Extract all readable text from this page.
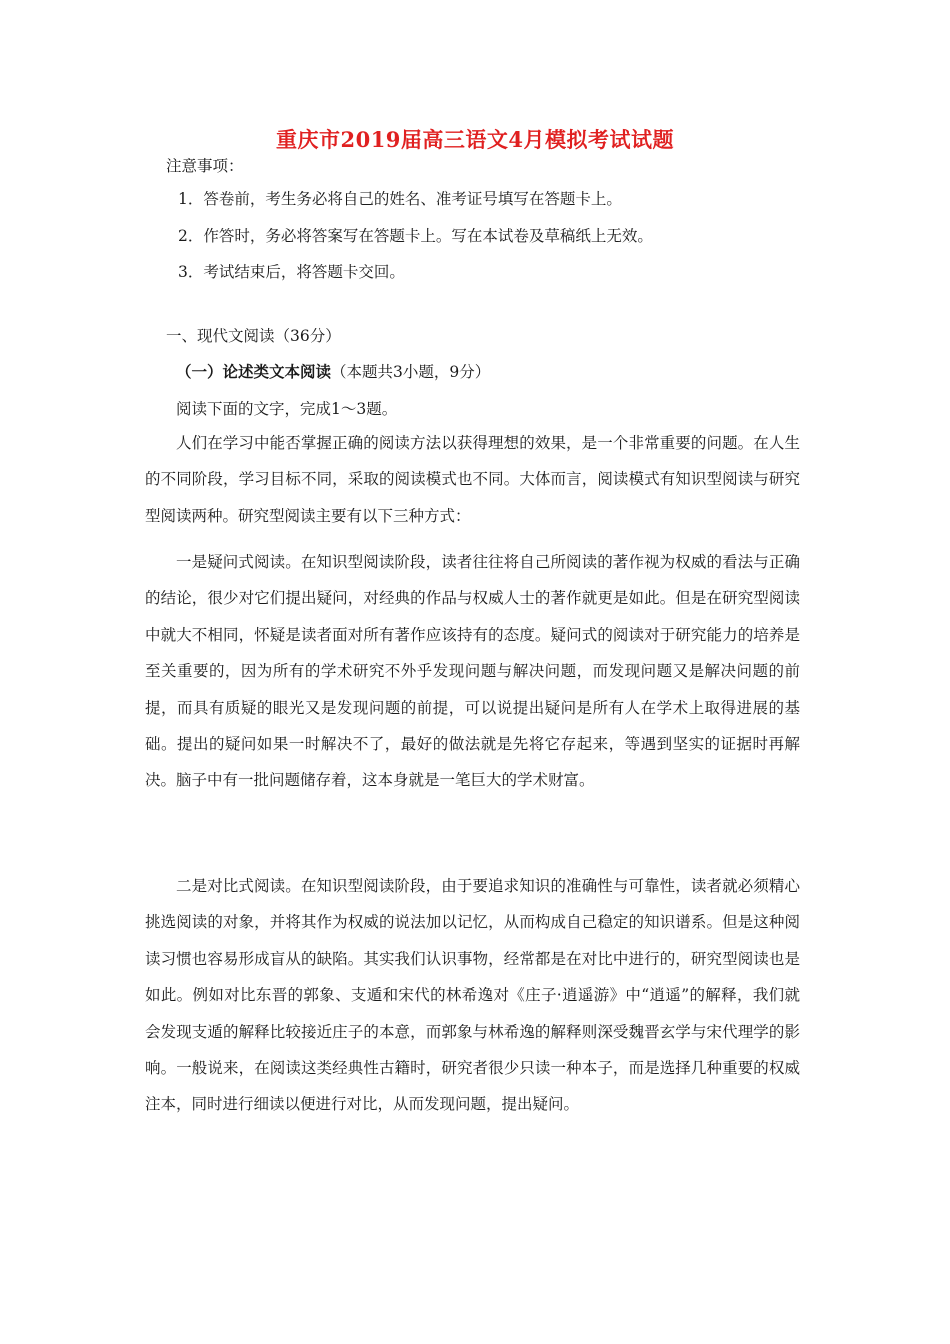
重庆市2019届高三语文4月模拟考试试题
注意事项：
1．答卷前，考生务必将自己的姓名、准考证号填写在答题卡上。
2．作答时，务必将答案写在答题卡上。写在本试卷及草稿纸上无效。
3．考试结束后，将答题卡交回。
一、现代文阅读（36分）
（一）论述类文本阅读（本题共3小题，9分）
阅读下面的文字，完成1～3题。

人们在学习中能否掌握正确的阅读方法以获得理想的效果，是一个非常重要的问题。在人生的不同阶段，学习目标不同，采取的阅读模式也不同。大体而言，阅读模式有知识型阅读与研究型阅读两种。研究型阅读主要有以下三种方式：

一是疑问式阅读。在知识型阅读阶段，读者往往将自己所阅读的著作视为权威的看法与正确的结论，很少对它们提出疑问，对经典的作品与权威人士的著作就更是如此。但是在研究型阅读中就大不相同，怀疑是读者面对所有著作应该持有的态度。疑问式的阅读对于研究能力的培养是至关重要的，因为所有的学术研究不外乎发现问题与解决问题，而发现问题又是解决问题的前提，而具有质疑的眼光又是发现问题的前提，可以说提出疑问是所有人在学术上取得进展的基础。提出的疑问如果一时解决不了，最好的做法就是先将它存起来，等遇到坚实的证据时再解决。脑子中有一批问题储存着，这本身就是一笔巨大的学术财富。

二是对比式阅读。在知识型阅读阶段，由于要追求知识的准确性与可靠性，读者就必须精心挑选阅读的对象，并将其作为权威的说法加以记忆，从而构成自己稳定的知识谱系。但是这种阅读习惯也容易形成盲从的缺陷。其实我们认识事物，经常都是在对比中进行的，研究型阅读也是如此。例如对比东晋的郭象、支遁和宋代的林希逸对《庄子·逍遥游》中“逍遥”的解释，我们就会发现支遁的解释比较接近庄子的本意，而郭象与林希逸的解释则深受魏晋玄学与宋代理学的影响。一般说来，在阅读这类经典性古籍时，研究者很少只读一种本子，而是选择几种重要的权威注本，同时进行细读以便进行对比，从而发现问题，提出疑问。
